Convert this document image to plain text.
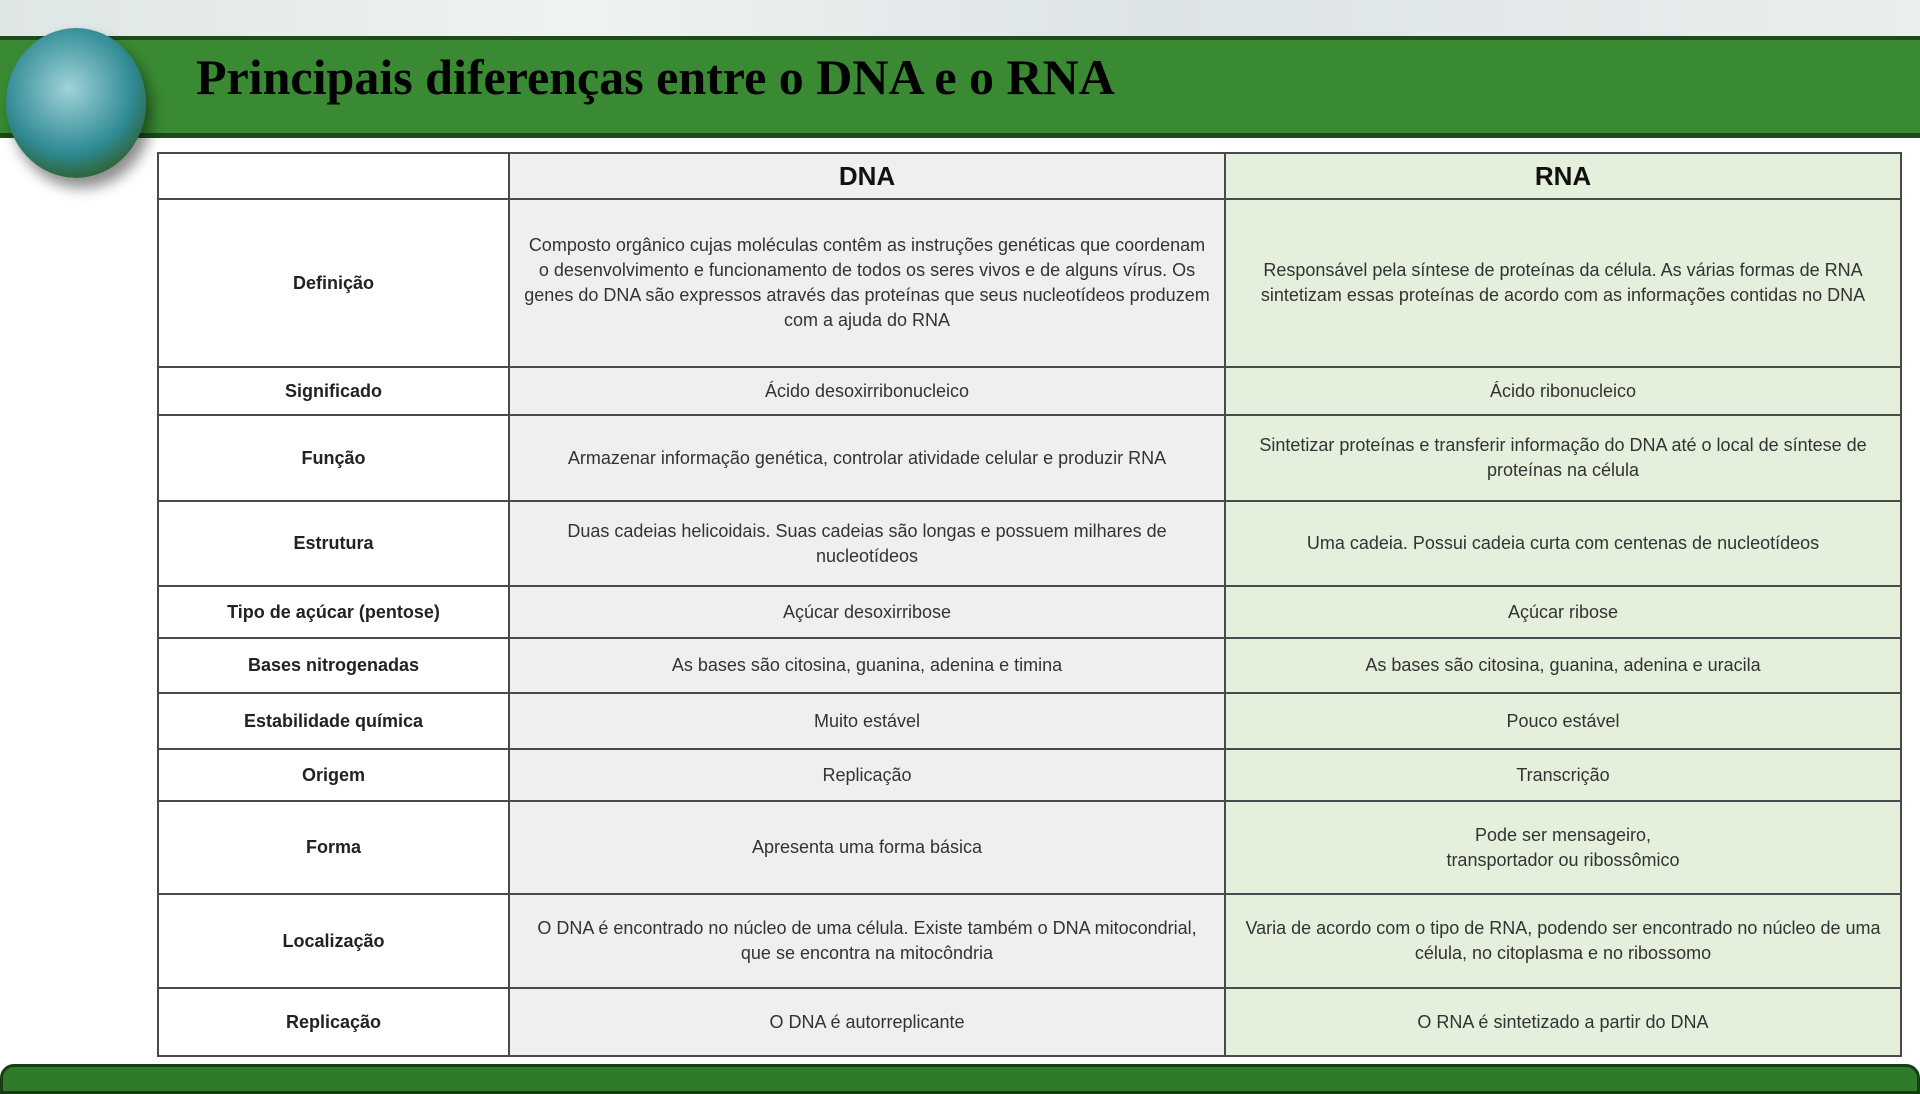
Principais diferenças entre o DNA e o RNA
	DNA	RNA
Definição	Composto orgânico cujas moléculas contêm as instruções genéticas que coordenam o desenvolvimento e funcionamento de todos os seres vivos e de alguns vírus. Os genes do DNA são expressos através das proteínas que seus nucleotídeos produzem com a ajuda do RNA	Responsável pela síntese de proteínas da célula. As várias formas de RNA sintetizam essas proteínas de acordo com as informações contidas no DNA
Significado	Ácido desoxirribonucleico	Ácido ribonucleico
Função	Armazenar informação genética, controlar atividade celular e produzir RNA	Sintetizar proteínas e transferir informação do DNA até o local de síntese de proteínas na célula
Estrutura	Duas cadeias helicoidais. Suas cadeias são longas e possuem milhares de nucleotídeos	Uma cadeia. Possui cadeia curta com centenas de nucleotídeos
Tipo de açúcar (pentose)	Açúcar desoxirribose	Açúcar ribose
Bases nitrogenadas	As bases são citosina, guanina, adenina e timina	As bases são citosina, guanina, adenina e uracila
Estabilidade química	Muito estável	Pouco estável
Origem	Replicação	Transcrição
Forma	Apresenta uma forma básica	Pode ser mensageiro, transportador ou ribossômico
Localização	O DNA é encontrado no núcleo de uma célula. Existe também o DNA mitocondrial, que se encontra na mitocôndria	Varia de acordo com o tipo de RNA, podendo ser encontrado no núcleo de uma célula, no citoplasma e no ribossomo
Replicação	O DNA é autorreplicante	O RNA é sintetizado a partir do DNA
